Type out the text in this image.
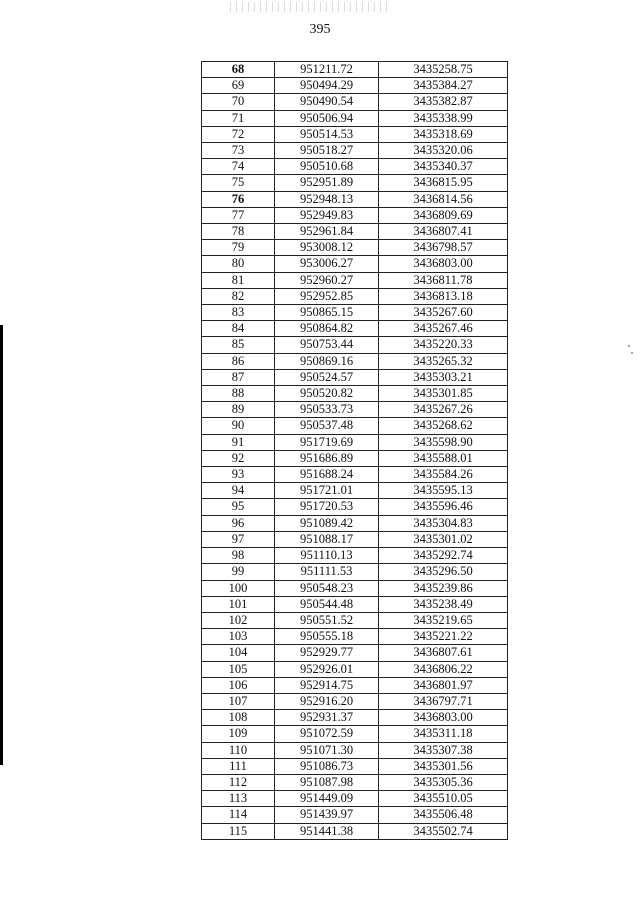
395
68	951211.72	3435258.75
69	950494.29	3435384.27
70	950490.54	3435382.87
71	950506.94	3435338.99
72	950514.53	3435318.69
73	950518.27	3435320.06
74	950510.68	3435340.37
75	952951.89	3436815.95
76	952948.13	3436814.56
77	952949.83	3436809.69
78	952961.84	3436807.41
79	953008.12	3436798.57
80	953006.27	3436803.00
81	952960.27	3436811.78
82	952952.85	3436813.18
83	950865.15	3435267.60
84	950864.82	3435267.46
85	950753.44	3435220.33
86	950869.16	3435265.32
87	950524.57	3435303.21
88	950520.82	3435301.85
89	950533.73	3435267.26
90	950537.48	3435268.62
91	951719.69	3435598.90
92	951686.89	3435588.01
93	951688.24	3435584.26
94	951721.01	3435595.13
95	951720.53	3435596.46
96	951089.42	3435304.83
97	951088.17	3435301.02
98	951110.13	3435292.74
99	951111.53	3435296.50
100	950548.23	3435239.86
101	950544.48	3435238.49
102	950551.52	3435219.65
103	950555.18	3435221.22
104	952929.77	3436807.61
105	952926.01	3436806.22
106	952914.75	3436801.97
107	952916.20	3436797.71
108	952931.37	3436803.00
109	951072.59	3435311.18
110	951071.30	3435307.38
111	951086.73	3435301.56
112	951087.98	3435305.36
113	951449.09	3435510.05
114	951439.97	3435506.48
115	951441.38	3435502.74
